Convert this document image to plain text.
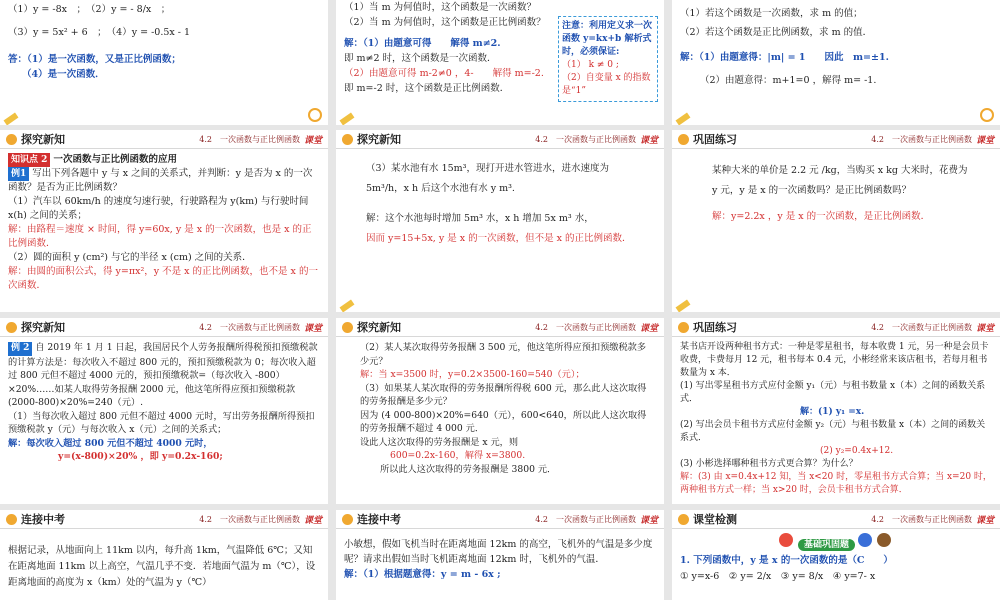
（1）y = -8x　；　（2）y = - 8/x　；

（3）y = 5x² + 6　；　（4）y = -0.5x - 1

答：（1）是一次函数，又是正比例函数；

（4）是一次函数．

（1）当 m 为何值时，这个函数是一次函数？

（2）当 m 为何值时，这个函数是正比例函数？

解：（1）由题意可得　　解得 m≠2.

即 m≠2 时，这个函数是一次函数．

（2）由题意可得 m-2≠0 ，4-　　解得 m=-2.

即 m=-2 时，这个函数是正比例函数．

注意：利用定义求一次函数 y=kx+b 解析式时，必须保证:
（1） k ≠ 0 ;
（2）自变量 x 的指数是“1”

（1）若这个函数是一次函数，求 m 的值；

（2）若这个函数是正比例函数，求 m 的值．

解：（1）由题意得：|m| = 1　　因此　m=±1.

（2）由题意得：m+1=0 ，解得 m= -1.

探究新知	4.2　一次函数与正比例函数 课堂
知识点 2 一次函数与正比例函数的应用
例1 写出下列各题中 y 与 x 之间的关系式，并判断：y 是否为 x 的一次函数？是否为正比例函数？
（1）汽车以 60km/h 的速度匀速行驶，行驶路程为 y(km) 与行驶时间 x(h) 之间的关系；
解：由路程＝速度 × 时间，得 y=60x, y 是 x 的一次函数，也是 x 的正比例函数．
（2）圆的面积 y (cm²) 与它的半径 x (cm) 之间的关系．
解：由圆的面积公式，得 y=πx²，y 不是 x 的正比例函数，也不是 x 的一次函数．
探究新知	4.2　一次函数与正比例函数 课堂

（3）某水池有水 15m³，现打开进水管进水，进水速度为 5m³/h，x h 后这个水池有水 y m³.

解：这个水池每时增加 5m³ 水，x h 增加 5x m³ 水，

因而 y=15+5x, y 是 x 的一次函数，但不是 x 的正比例函数．

巩固练习	4.2　一次函数与正比例函数 课堂

某种大米的单价是 2.2 元 /kg，当购买 x kg 大米时，花费为 y 元，y 是 x 的一次函数吗？是正比例函数吗？

解：y=2.2x ，y 是 x 的一次函数，是正比例函数．

探究新知	4.2　一次函数与正比例函数 课堂
例 2 自 2019 年 1 月 1 日起，我国居民个人劳务报酬所得税预扣预缴税款的计算方法是：每次收入不超过 800 元的，预扣预缴税款为 0；每次收入超过 800 元但不超过 4000 元的，预扣预缴税款=（每次收入 -800）×20%……如某人取得劳务报酬 2000 元，他这笔所得应预扣预缴税款 (2000-800)×20%=240（元）.
（1）当每次收入超过 800 元但不超过 4000 元时，写出劳务报酬所得预扣预缴税款 y（元）与每次收入 x（元）之间的关系式；
解：每次收入超过 800 元但不超过 4000 元时，
y=(x-800)×20% ，即 y=0.2x-160;
探究新知	4.2　一次函数与正比例函数 课堂
（2）某人某次取得劳务报酬 3 500 元，他这笔所得应预扣预缴税款多少元？
解：当 x=3500 时，y=0.2×3500-160=540（元）；
（3）如果某人某次取得的劳务报酬所得税 600 元，那么此人这次取得的劳务报酬是多少元？
因为 (4 000-800)×20%=640（元），600<640，所以此人这次取得的劳务报酬不超过 4 000 元．
设此人这次取得的劳务报酬是 x 元，则
600=0.2x-160，解得 x=3800.
所以此人这次取得的劳务报酬是 3800 元．
巩固练习	4.2　一次函数与正比例函数 课堂
某书店开设两种租书方式：一种是零星租书，每本收费 1 元，另一种是会员卡收费，卡费每月 12 元，租书每本 0.4 元，小彬经常来该店租书，若每月租书数量为 x 本．
(1) 写出零星租书方式应付金额 y₁（元）与租书数量 x（本）之间的函数关系式．
解：(1) y₁ =x.
(2) 写出会员卡租书方式应付金额 y₂（元）与租书数量 x（本）之间的函数关系式．
(2) y₂=0.4x+12.
(3) 小彬选择哪种租书方式更合算？为什么？
解：(3) 由 x=0.4x+12 知，当 x<20 时，零星租书方式合算；当 x=20 时，两种租书方式一样；当 x>20 时，会员卡租书方式合算．
连接中考	4.2　一次函数与正比例函数 课堂
根据记录，从地面向上 11km 以内，每升高 1km，气温降低 6℃；又知在距离地面 11km 以上高空，气温几乎不变．若地面气温为 m（℃），设距离地面的高度为 x（km）处的气温为 y（℃）
连接中考	4.2　一次函数与正比例函数 课堂
小敏想，假如飞机当时在距离地面 12km 的高空，飞机外的气温是多少度呢？请求出假如当时飞机距离地面 12km 时，飞机外的气温．
解：（1）根据题意得：y = m - 6x ;
课堂检测	4.2　一次函数与正比例函数 课堂
基础巩固题
1. 下列函数中，y 是 x 的一次函数的是（C　　）
① y=x-6　② y= 2/x　③ y= 8/x　④ y=7- x
